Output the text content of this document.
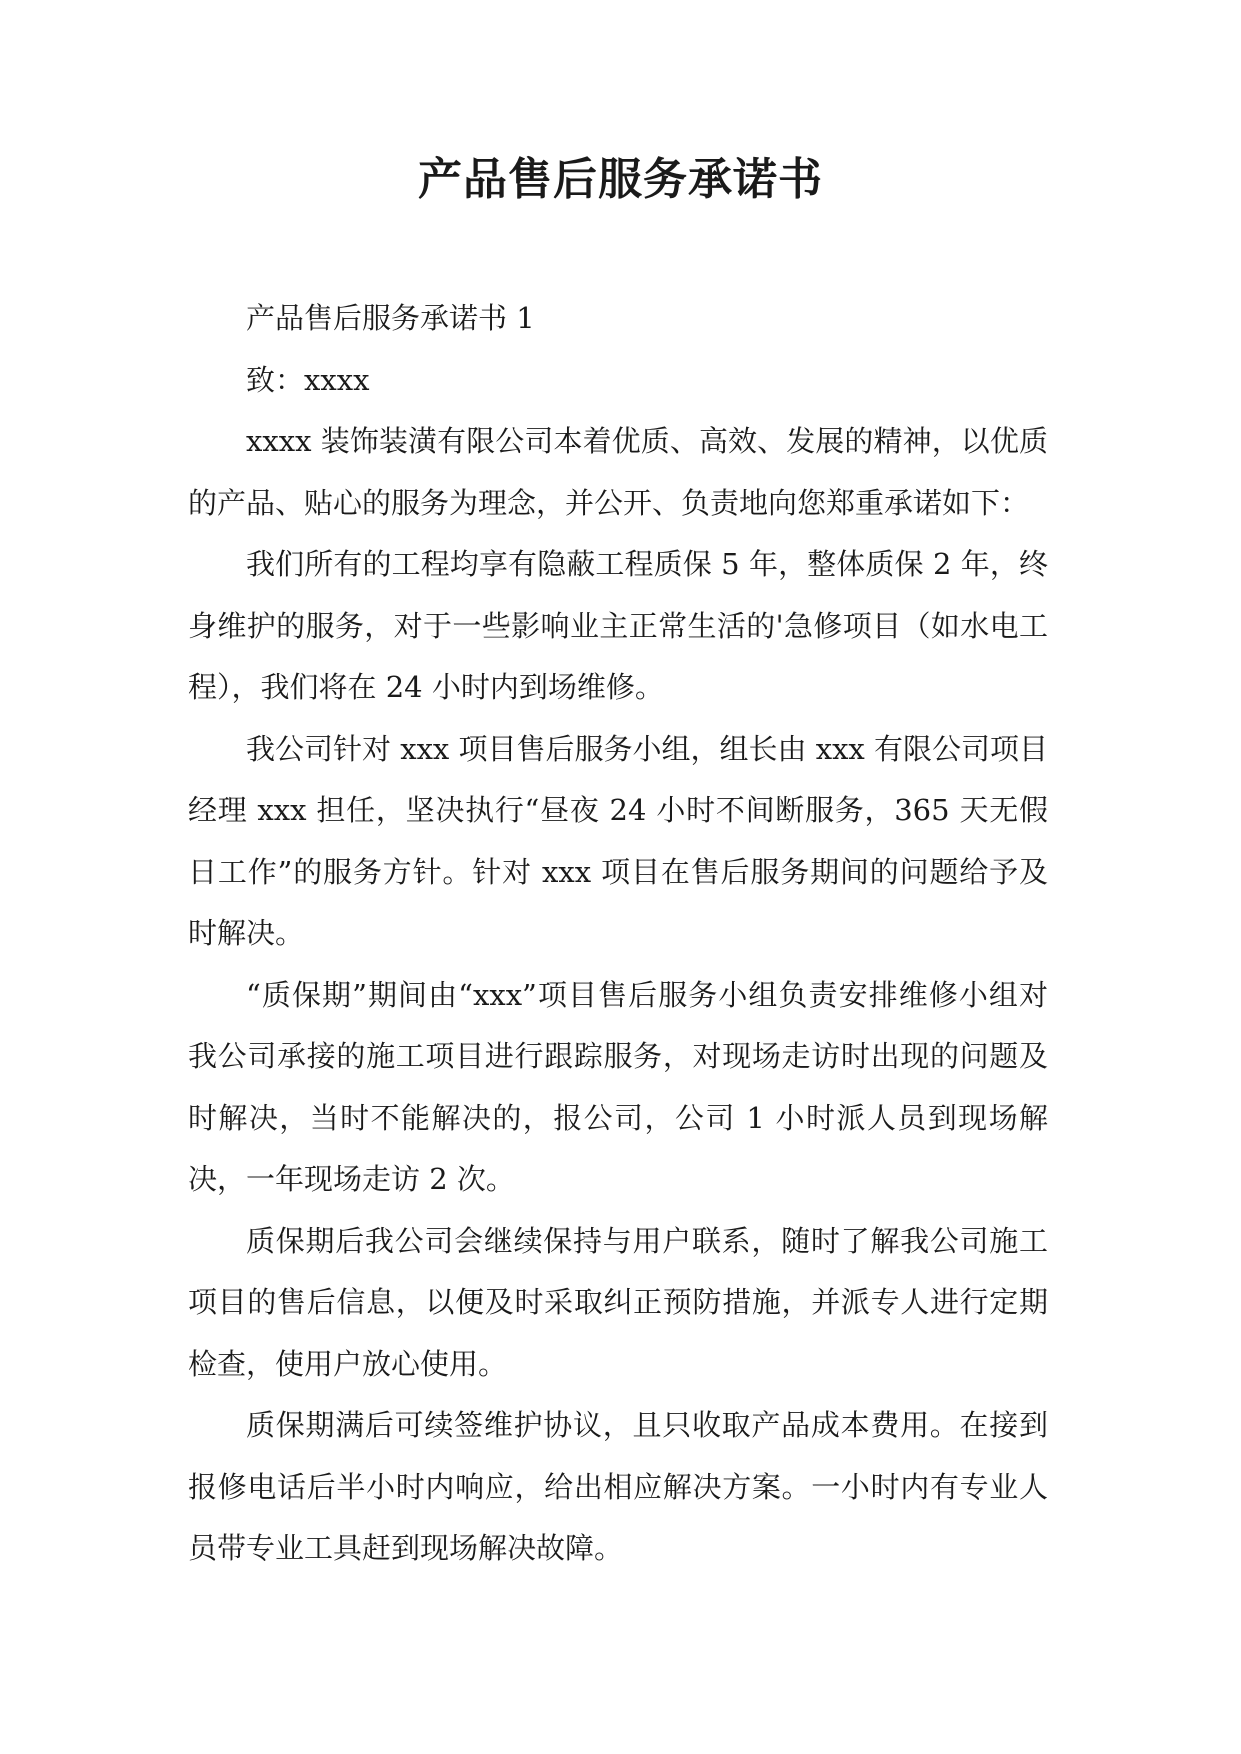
产品售后服务承诺书

产品售后服务承诺书 1

致：xxxx

xxxx 装饰装潢有限公司本着优质、高效、发展的精神，以优质的产品、贴心的服务为理念，并公开、负责地向您郑重承诺如下：

我们所有的工程均享有隐蔽工程质保 5 年，整体质保 2 年，终身维护的服务，对于一些影响业主正常生活的'急修项目（如水电工程），我们将在 24 小时内到场维修。

我公司针对 xxx 项目售后服务小组，组长由 xxx 有限公司项目经理 xxx 担任，坚决执行“昼夜 24 小时不间断服务，365 天无假日工作”的服务方针。针对 xxx 项目在售后服务期间的问题给予及时解决。

“质保期”期间由“xxx”项目售后服务小组负责安排维修小组对我公司承接的施工项目进行跟踪服务，对现场走访时出现的问题及时解决，当时不能解决的，报公司，公司 1 小时派人员到现场解决，一年现场走访 2 次。

质保期后我公司会继续保持与用户联系，随时了解我公司施工项目的售后信息，以便及时采取纠正预防措施，并派专人进行定期检查，使用户放心使用。

质保期满后可续签维护协议，且只收取产品成本费用。在接到报修电话后半小时内响应，给出相应解决方案。一小时内有专业人员带专业工具赶到现场解决故障。
